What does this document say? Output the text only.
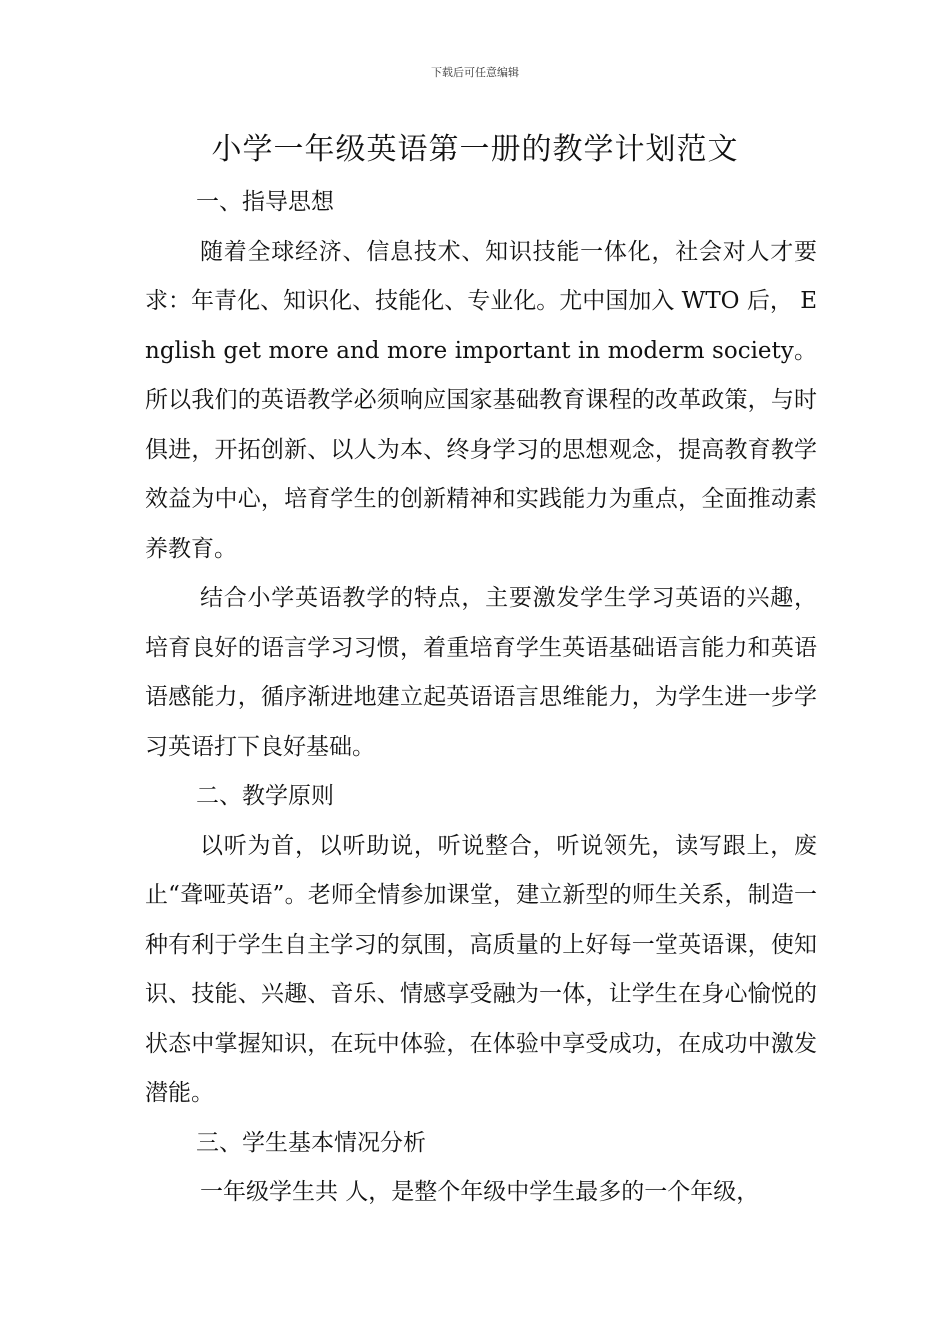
下载后可任意编辑
小学一年级英语第一册的教学计划范文
一、指导思想

随着全球经济、信息技术、知识技能一体化，社会对人才要求：年青化、知识化、技能化、专业化。尤中国加入 WTO 后， English get more and more important in moderm society。所以我们的英语教学必须响应国家基础教育课程的改革政策，与时俱进，开拓创新、以人为本、终身学习的思想观念，提高教育教学效益为中心，培育学生的创新精神和实践能力为重点，全面推动素养教育。

结合小学英语教学的特点，主要激发学生学习英语的兴趣，培育良好的语言学习习惯，着重培育学生英语基础语言能力和英语语感能力，循序渐进地建立起英语语言思维能力，为学生进一步学习英语打下良好基础。

二、教学原则

以听为首，以听助说，听说整合，听说领先，读写跟上，废止“聋哑英语”。老师全情参加课堂，建立新型的师生关系，制造一种有利于学生自主学习的氛围，高质量的上好每一堂英语课，使知识、技能、兴趣、音乐、情感享受融为一体，让学生在身心愉悦的状态中掌握知识，在玩中体验，在体验中享受成功，在成功中激发潜能。

三、学生基本情况分析

一年级学生共 人，是整个年级中学生最多的一个年级，
